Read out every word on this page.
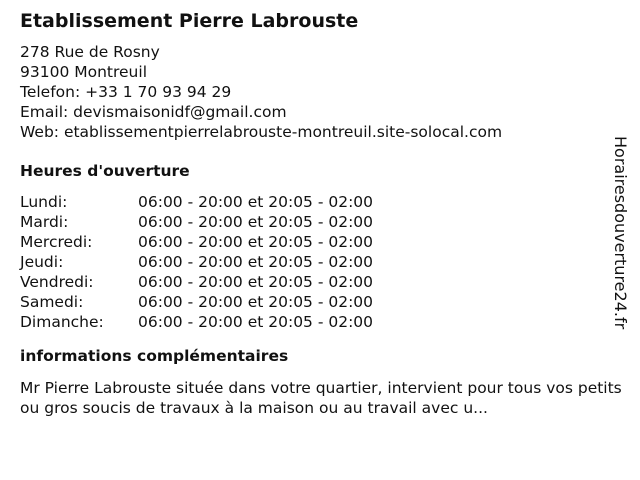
Etablissement Pierre Labrouste
278 Rue de Rosny
93100 Montreuil
Telefon: +33 1 70 93 94 29
Email: devismaisonidf@gmail.com
Web: etablissementpierrelabrouste-montreuil.site-solocal.com
Heures d'ouverture
Lundi:	06:00 - 20:00 et 20:05 - 02:00
Mardi:	06:00 - 20:00 et 20:05 - 02:00
Mercredi:	06:00 - 20:00 et 20:05 - 02:00
Jeudi:	06:00 - 20:00 et 20:05 - 02:00
Vendredi:	06:00 - 20:00 et 20:05 - 02:00
Samedi:	06:00 - 20:00 et 20:05 - 02:00
Dimanche:	06:00 - 20:00 et 20:05 - 02:00
informations complémentaires
Mr Pierre Labrouste située dans votre quartier, intervient pour tous vos petits ou gros soucis de travaux à la maison ou au travail avec u...
Horairesdouverture24.fr
